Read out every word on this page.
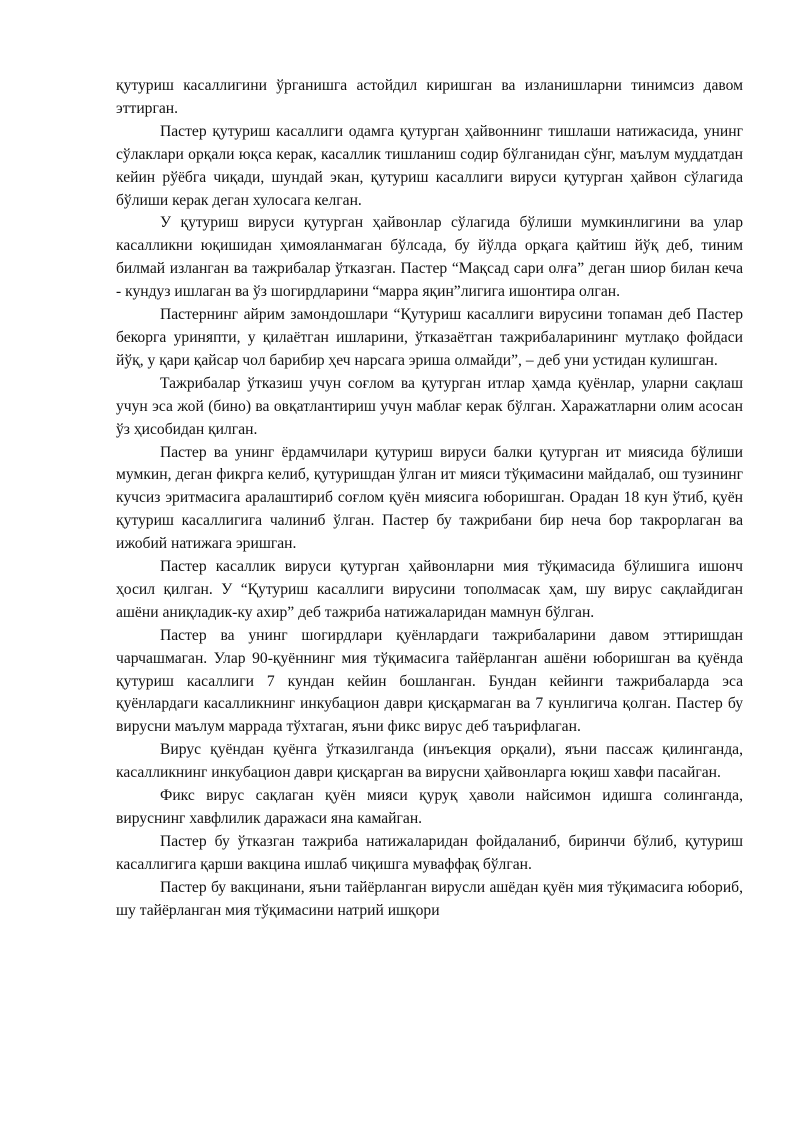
қутуриш касаллигини ўрганишга астойдил киришган ва изланишларни тинимсиз давом эттирган.

Пастер қутуриш касаллиги одамга қутурган ҳайвоннинг тишлаши натижасида, унинг сўлаклари орқали юқса керак, касаллик тишланиш содир бўлганидан сўнг, маълум муддатдан кейин рўёбга чиқади, шундай экан, қутуриш касаллиги вируси қутурган ҳайвон сўлагида бўлиши керак деган хулосага келган.

У қутуриш вируси қутурган ҳайвонлар сўлагида бўлиши мумкинлигини ва улар касалликни юқишидан ҳимояланмаган бўлсада, бу йўлда орқага қайтиш йўқ деб, тиним билмай изланган ва тажрибалар ўтказган. Пастер “Мақсад сари олға” деган шиор билан кеча - кундуз ишлаган ва ўз шогирдларини “марра яқин”лигига ишонтира олган.

Пастернинг айрим замондошлари “Қутуриш касаллиги вирусини топаман деб Пастер бекорга уриняпти, у қилаётган ишларини, ўтказаётган тажрибаларининг мутлақо фойдаси йўқ, у қари қайсар чол барибир ҳеч нарсага эриша олмайди”, – деб уни устидан кулишган.

Тажрибалар ўтказиш учун соғлом ва қутурган итлар ҳамда қуёнлар, уларни сақлаш учун эса жой (бино) ва овқатлантириш учун маблағ керак бўлган. Харажатларни олим асосан ўз ҳисобидан қилган.

Пастер ва унинг ёрдамчилари қутуриш вируси балки қутурган ит миясида бўлиши мумкин, деган фикрга келиб, қутуришдан ўлган ит мияси тўқимасини майдалаб, ош тузининг кучсиз эритмасига аралаштириб соғлом қуён миясига юборишган. Орадан 18 кун ўтиб, қуён қутуриш касаллигига чалиниб ўлган. Пастер бу тажрибани бир неча бор такрорлаган ва ижобий натижага эришган.

Пастер касаллик вируси қутурган ҳайвонларни мия тўқимасида бўлишига ишонч ҳосил қилган. У “Қутуриш касаллиги вирусини тополмасак ҳам, шу вирус сақлайдиган ашёни аниқладик-ку ахир” деб тажриба натижаларидан мамнун бўлган.

Пастер ва унинг шогирдлари қуёнлардаги тажрибаларини давом эттиришдан чарчашмаган. Улар 90-қуённинг мия тўқимасига тайёрланган ашёни юборишган ва қуёнда қутуриш касаллиги 7 кундан кейин бошланган. Бундан кейинги тажрибаларда эса қуёнлардаги касалликнинг инкубацион даври қисқармаган ва 7 кунлигича қолган. Пастер бу вирусни маълум маррада тўхтаган, яъни фикс вирус деб таърифлаган.

Вирус қуёндан қуёнга ўтказилганда (инъекция орқали), яъни пассаж қилинганда, касалликнинг инкубацион даври қисқарган ва вирусни ҳайвонларга юқиш хавфи пасайган.

Фикс вирус сақлаган қуён мияси қуруқ ҳаволи найсимон идишга солинганда, вируснинг хавфлилик даражаси яна камайган.

Пастер бу ўтказган тажриба натижаларидан фойдаланиб, биринчи бўлиб, қутуриш касаллигига қарши вакцина ишлаб чиқишга муваффақ бўлган.

Пастер бу вакцинани, яъни тайёрланган вирусли ашёдан қуён мия тўқимасига юбориб, шу тайёрланган мия тўқимасини натрий ишқори
